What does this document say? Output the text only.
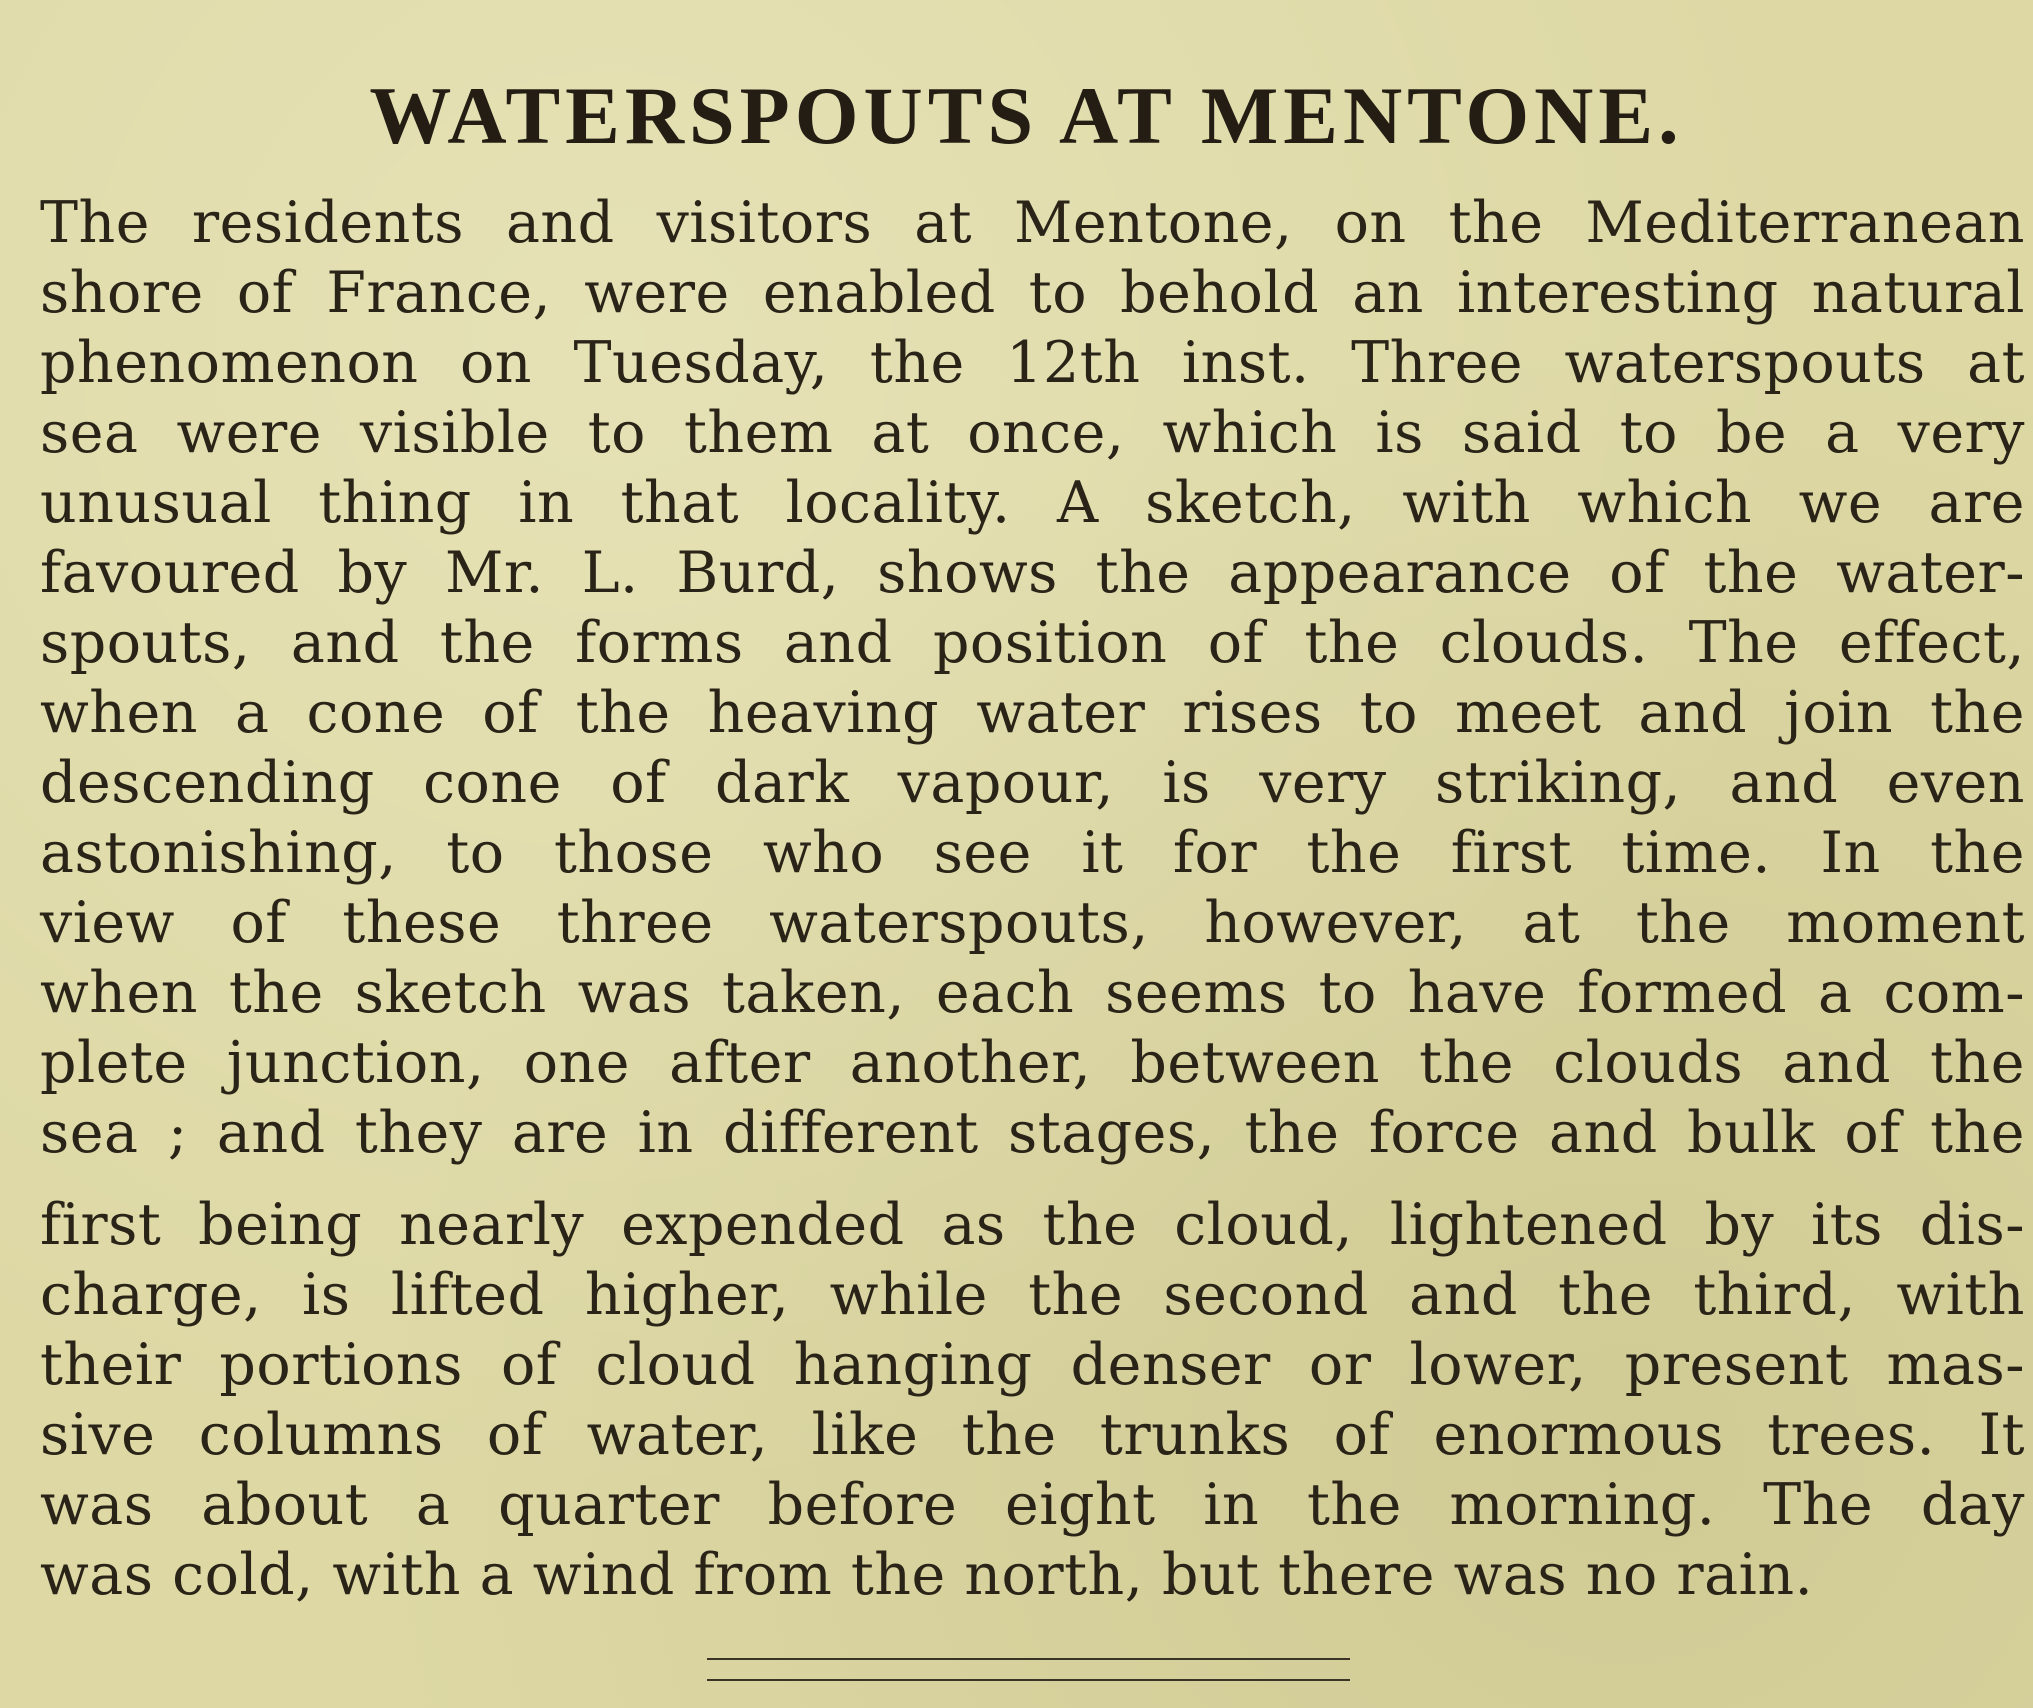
WATERSPOUTS AT MENTONE.
The residents and visitors at Mentone, on the Mediterranean
shore of France, were enabled to behold an interesting natural
phenomenon on Tuesday, the 12th inst. Three waterspouts at
sea were visible to them at once, which is said to be a very
unusual thing in that locality. A sketch, with which we are
favoured by Mr. L. Burd, shows the appearance of the water-
spouts, and the forms and position of the clouds. The effect,
when a cone of the heaving water rises to meet and join the
descending cone of dark vapour, is very striking, and even
astonishing, to those who see it for the first time. In the
view of these three waterspouts, however, at the moment
when the sketch was taken, each seems to have formed a com-
plete junction, one after another, between the clouds and the
sea ; and they are in different stages, the force and bulk of the
first being nearly expended as the cloud, lightened by its dis-
charge, is lifted higher, while the second and the third, with
their portions of cloud hanging denser or lower, present mas-
sive columns of water, like the trunks of enormous trees. It
was about a quarter before eight in the morning. The day
was cold, with a wind from the north, but there was no rain.
